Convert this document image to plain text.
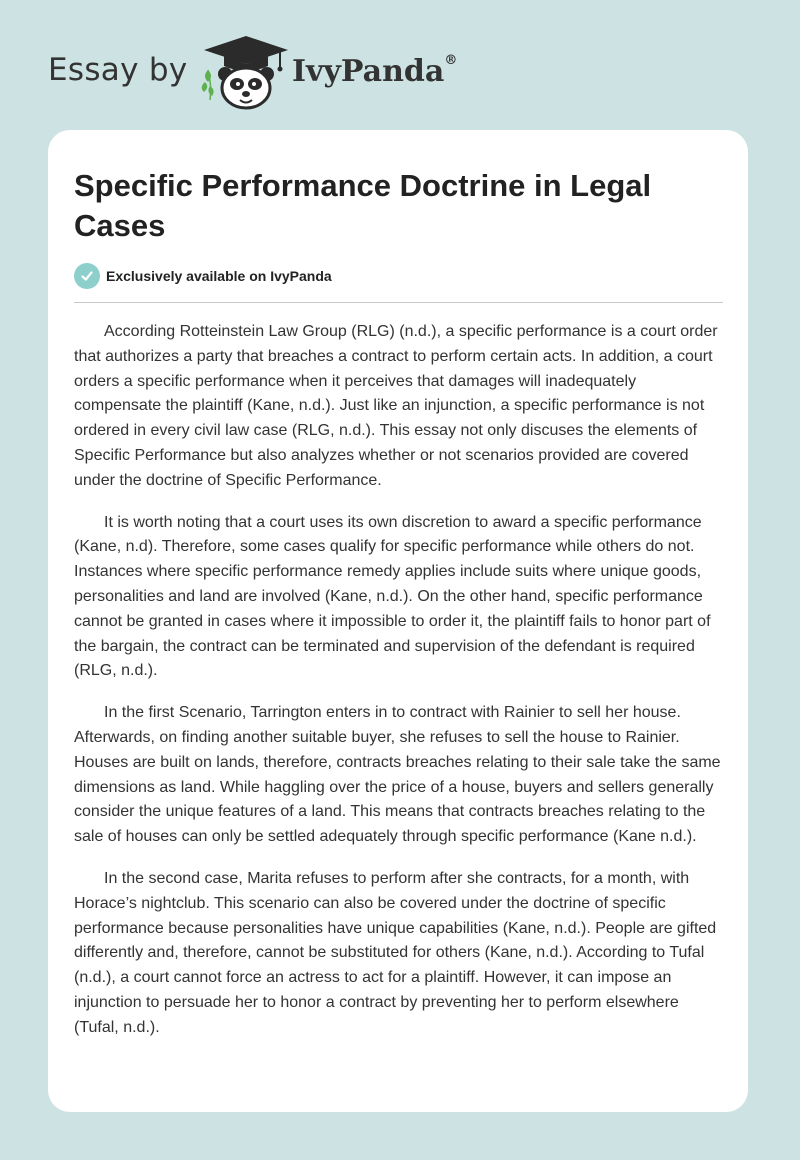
Essay by	IvyPanda®
Specific Performance Doctrine in Legal Cases
Exclusively available on IvyPanda

According Rotteinstein Law Group (RLG) (n.d.), a specific performance is a court order that authorizes a party that breaches a contract to perform certain acts. In addition, a court orders a specific performance when it perceives that damages will inadequately compensate the plaintiff (Kane, n.d.). Just like an injunction, a specific performance is not ordered in every civil law case (RLG, n.d.). This essay not only discuses the elements of Specific Performance but also analyzes whether or not scenarios provided are covered under the doctrine of Specific Performance.

It is worth noting that a court uses its own discretion to award a specific performance (Kane, n.d). Therefore, some cases qualify for specific performance while others do not. Instances where specific performance remedy applies include suits where unique goods, personalities and land are involved (Kane, n.d.). On the other hand, specific performance cannot be granted in cases where it impossible to order it, the plaintiff fails to honor part of the bargain, the contract can be terminated and supervision of the defendant is required (RLG, n.d.).

In the first Scenario, Tarrington enters in to contract with Rainier to sell her house. Afterwards, on finding another suitable buyer, she refuses to sell the house to Rainier. Houses are built on lands, therefore, contracts breaches relating to their sale take the same dimensions as land. While haggling over the price of a house, buyers and sellers generally consider the unique features of a land. This means that contracts breaches relating to the sale of houses can only be settled adequately through specific performance (Kane n.d.).

In the second case, Marita refuses to perform after she contracts, for a month, with Horace’s nightclub. This scenario can also be covered under the doctrine of specific performance because personalities have unique capabilities (Kane, n.d.). People are gifted differently and, therefore, cannot be substituted for others (Kane, n.d.). According to Tufal (n.d.), a court cannot force an actress to act for a plaintiff. However, it can impose an injunction to persuade her to honor a contract by preventing her to perform elsewhere (Tufal, n.d.).
